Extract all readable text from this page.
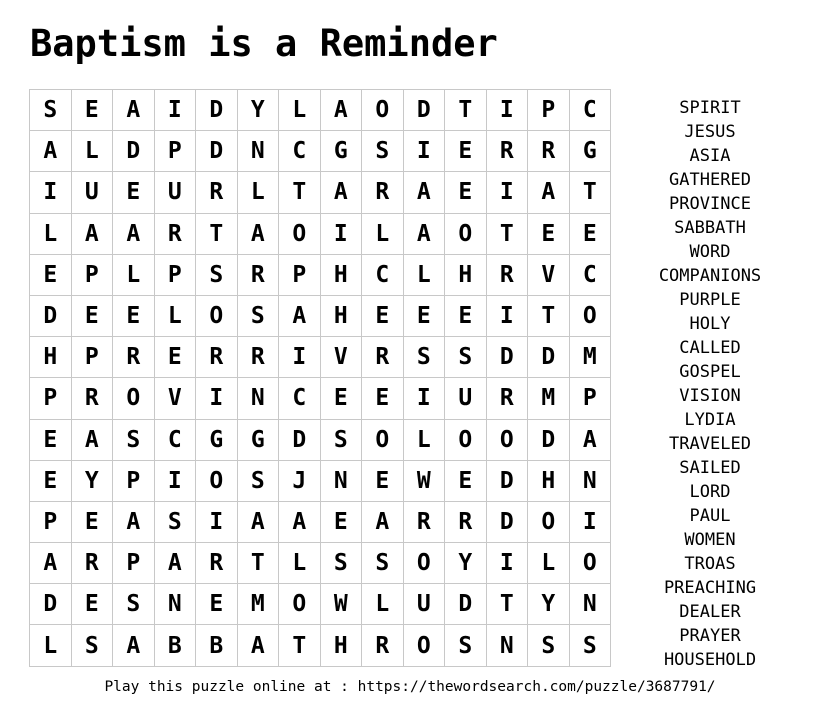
Baptism is a Reminder
S	E	A	I	D	Y	L	A	O	D	T	I	P	C
A	L	D	P	D	N	C	G	S	I	E	R	R	G
I	U	E	U	R	L	T	A	R	A	E	I	A	T
L	A	A	R	T	A	O	I	L	A	O	T	E	E
E	P	L	P	S	R	P	H	C	L	H	R	V	C
D	E	E	L	O	S	A	H	E	E	E	I	T	O
H	P	R	E	R	R	I	V	R	S	S	D	D	M
P	R	O	V	I	N	C	E	E	I	U	R	M	P
E	A	S	C	G	G	D	S	O	L	O	O	D	A
E	Y	P	I	O	S	J	N	E	W	E	D	H	N
P	E	A	S	I	A	A	E	A	R	R	D	O	I
A	R	P	A	R	T	L	S	S	O	Y	I	L	O
D	E	S	N	E	M	O	W	L	U	D	T	Y	N
L	S	A	B	B	A	T	H	R	O	S	N	S	S
SPIRIT
JESUS
ASIA
GATHERED
PROVINCE
SABBATH
WORD
COMPANIONS
PURPLE
HOLY
CALLED
GOSPEL
VISION
LYDIA
TRAVELED
SAILED
LORD
PAUL
WOMEN
TROAS
PREACHING
DEALER
PRAYER
HOUSEHOLD
Play this puzzle online at : https://thewordsearch.com/puzzle/3687791/
